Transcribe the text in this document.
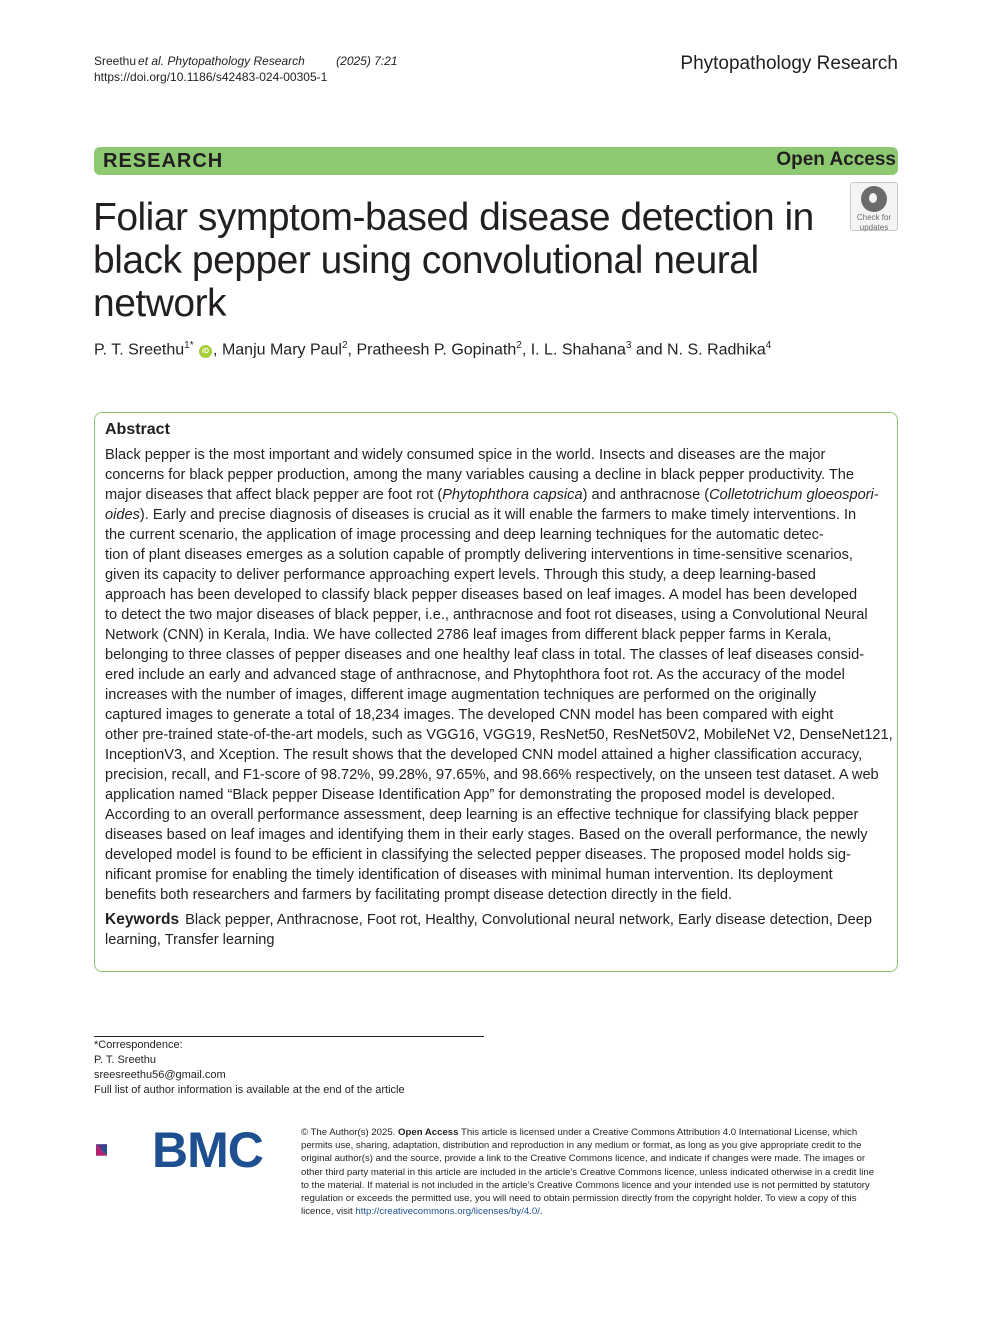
Sreethu et al. Phytopathology Research	(2025) 7:21
https://doi.org/10.1186/s42483-024-00305-1
Phytopathology Research
RESEARCH	Open Access
Foliar symptom-based disease detection in black pepper using convolutional neural network
Check for
updates
P. T. Sreethu$^{1*}$ iD , Manju Mary Paul$^2$, Pratheesh P. Gopinath$^2$, I. L. Shahana$^3$ and N. S. Radhika$^4$
Abstract
Black pepper is the most important and widely consumed spice in the world. Insects and diseases are the major
concerns for black pepper production, among the many variables causing a decline in black pepper productivity. The
major diseases that affect black pepper are foot rot (Phytophthora capsica) and anthracnose (Colletotrichum gloeospori-
oides). Early and precise diagnosis of diseases is crucial as it will enable the farmers to make timely interventions. In
the current scenario, the application of image processing and deep learning techniques for the automatic detec-
tion of plant diseases emerges as a solution capable of promptly delivering interventions in time-sensitive scenarios,
given its capacity to deliver performance approaching expert levels. Through this study, a deep learning-based
approach has been developed to classify black pepper diseases based on leaf images. A model has been developed
to detect the two major diseases of black pepper, i.e., anthracnose and foot rot diseases, using a Convolutional Neural
Network (CNN) in Kerala, India. We have collected 2786 leaf images from different black pepper farms in Kerala,
belonging to three classes of pepper diseases and one healthy leaf class in total. The classes of leaf diseases consid-
ered include an early and advanced stage of anthracnose, and Phytophthora foot rot. As the accuracy of the model
increases with the number of images, different image augmentation techniques are performed on the originally
captured images to generate a total of 18,234 images. The developed CNN model has been compared with eight
other pre-trained state-of-the-art models, such as VGG16, VGG19, ResNet50, ResNet50V2, MobileNet V2, DenseNet121,
InceptionV3, and Xception. The result shows that the developed CNN model attained a higher classification accuracy,
precision, recall, and F1-score of 98.72%, 99.28%, 97.65%, and 98.66% respectively, on the unseen test dataset. A web
application named “Black pepper Disease Identification App” for demonstrating the proposed model is developed.
According to an overall performance assessment, deep learning is an effective technique for classifying black pepper
diseases based on leaf images and identifying them in their early stages. Based on the overall performance, the newly
developed model is found to be efficient in classifying the selected pepper diseases. The proposed model holds sig-
nificant promise for enabling the timely identification of diseases with minimal human intervention. Its deployment
benefits both researchers and farmers by facilitating prompt disease detection directly in the field.
Keywords Black pepper, Anthracnose, Foot rot, Healthy, Convolutional neural network, Early disease detection, Deep
learning, Transfer learning
*Correspondence:
P. T. Sreethu
sreesreethu56@gmail.com
Full list of author information is available at the end of the article
BMC	© The Author(s) 2025. Open Access This article is licensed under a Creative Commons Attribution 4.0 International License, which
permits use, sharing, adaptation, distribution and reproduction in any medium or format, as long as you give appropriate credit to the
original author(s) and the source, provide a link to the Creative Commons licence, and indicate if changes were made. The images or
other third party material in this article are included in the article’s Creative Commons licence, unless indicated otherwise in a credit line
to the material. If material is not included in the article’s Creative Commons licence and your intended use is not permitted by statutory
regulation or exceeds the permitted use, you will need to obtain permission directly from the copyright holder. To view a copy of this
licence, visit http://creativecommons.org/licenses/by/4.0/.
